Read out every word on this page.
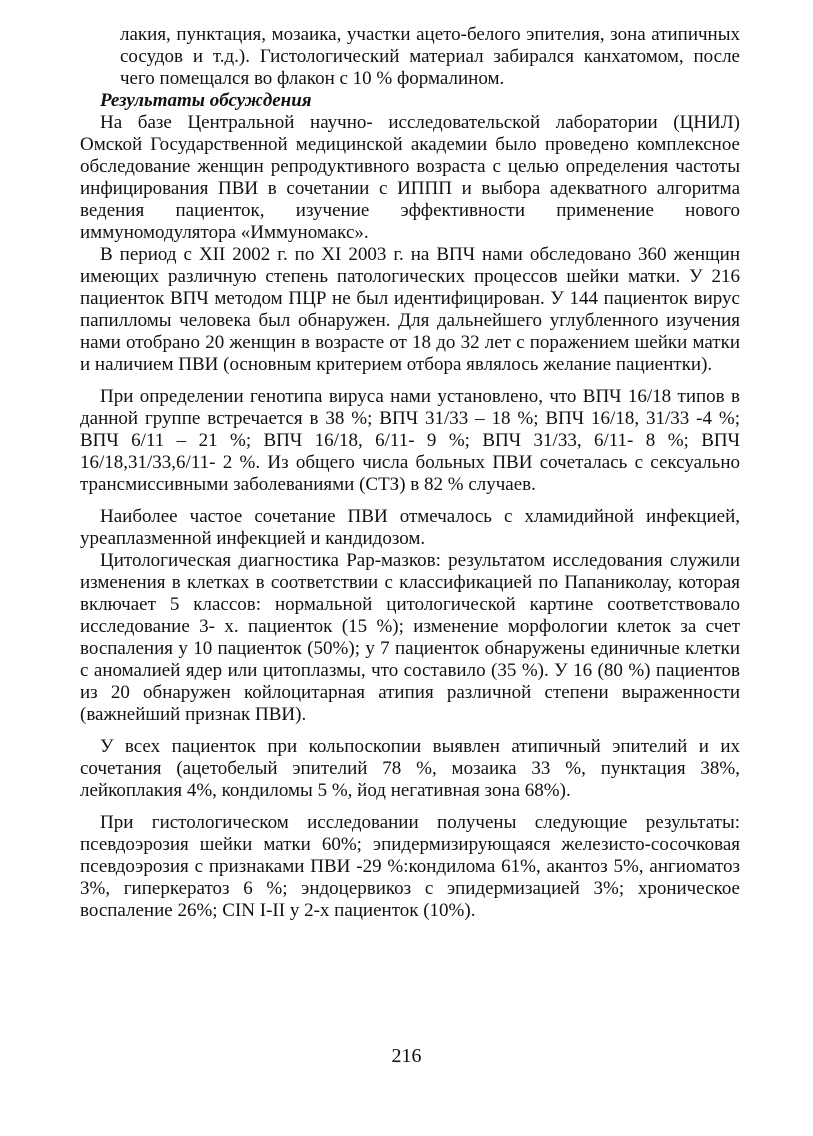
лакия, пунктация, мозаика, участки ацето-белого эпителия, зона атипичных сосудов и т.д.). Гистологический материал забирался канхатомом, после чего помещался во флакон с 10 % формалином.

Результаты обсуждения

На базе Центральной научно- исследовательской лаборатории (ЦНИЛ) Омской Государственной медицинской академии было проведено комплексное обследование женщин репродуктивного возраста с целью определения частоты инфицирования ПВИ в сочетании с ИППП и выбора адекватного алгоритма ведения пациенток, изучение эффективности применение нового иммуномодулятора «Иммуномакс».

В период с XII 2002 г. по XI 2003 г. на ВПЧ нами обследовано 360 женщин имеющих различную степень патологических процессов шейки матки. У 216 пациенток ВПЧ методом ПЦР не был идентифицирован. У 144 пациенток вирус папилломы человека был обнаружен. Для дальнейшего углубленного изучения нами отобрано 20 женщин в возрасте от 18 до 32 лет с поражением шейки матки и наличием ПВИ (основным критерием отбора являлось желание пациентки).

При определении генотипа вируса нами установлено, что ВПЧ 16/18 типов в данной группе встречается в 38 %; ВПЧ 31/33 – 18 %; ВПЧ 16/18, 31/33 -4 %; ВПЧ 6/11 – 21 %; ВПЧ 16/18, 6/11- 9 %; ВПЧ 31/33, 6/11- 8 %; ВПЧ 16/18,31/33,6/11- 2 %. Из общего числа больных ПВИ сочеталась с сексуально трансмиссивными заболеваниями (СТЗ) в 82 % случаев.

Наиболее частое сочетание ПВИ отмечалось с хламидийной инфекцией, уреаплазменной инфекцией и кандидозом.

Цитологическая диагностика Рар-мазков: результатом исследования служили изменения в клетках в соответствии с классификацией по Папаниколау, которая включает 5 классов: нормальной цитологической картине соответствовало исследование 3- х. пациенток (15 %); изменение морфологии клеток за счет воспаления у 10 пациенток (50%); у 7 пациенток обнаружены единичные клетки с аномалией ядер или цитоплазмы, что составило (35 %). У 16 (80 %) пациентов из 20 обнаружен койлоцитарная атипия различной степени выраженности (важнейший признак ПВИ).

У всех пациенток при кольпоскопии выявлен атипичный эпителий и их сочетания (ацетобелый эпителий 78 %, мозаика 33 %, пунктация 38%, лейкоплакия 4%, кондиломы 5 %, йод негативная зона 68%).

При гистологическом исследовании получены следующие результаты: псевдоэрозия шейки матки 60%; эпидермизирующаяся железисто-сосочковая псевдоэрозия с признаками ПВИ -29 %:кондилома 61%, акантоз 5%, ангиоматоз 3%, гиперкератоз 6 %; эндоцервикоз с эпидермизацией 3%; хроническое воспаление 26%; CIN I-II у 2-х пациенток (10%).

216
